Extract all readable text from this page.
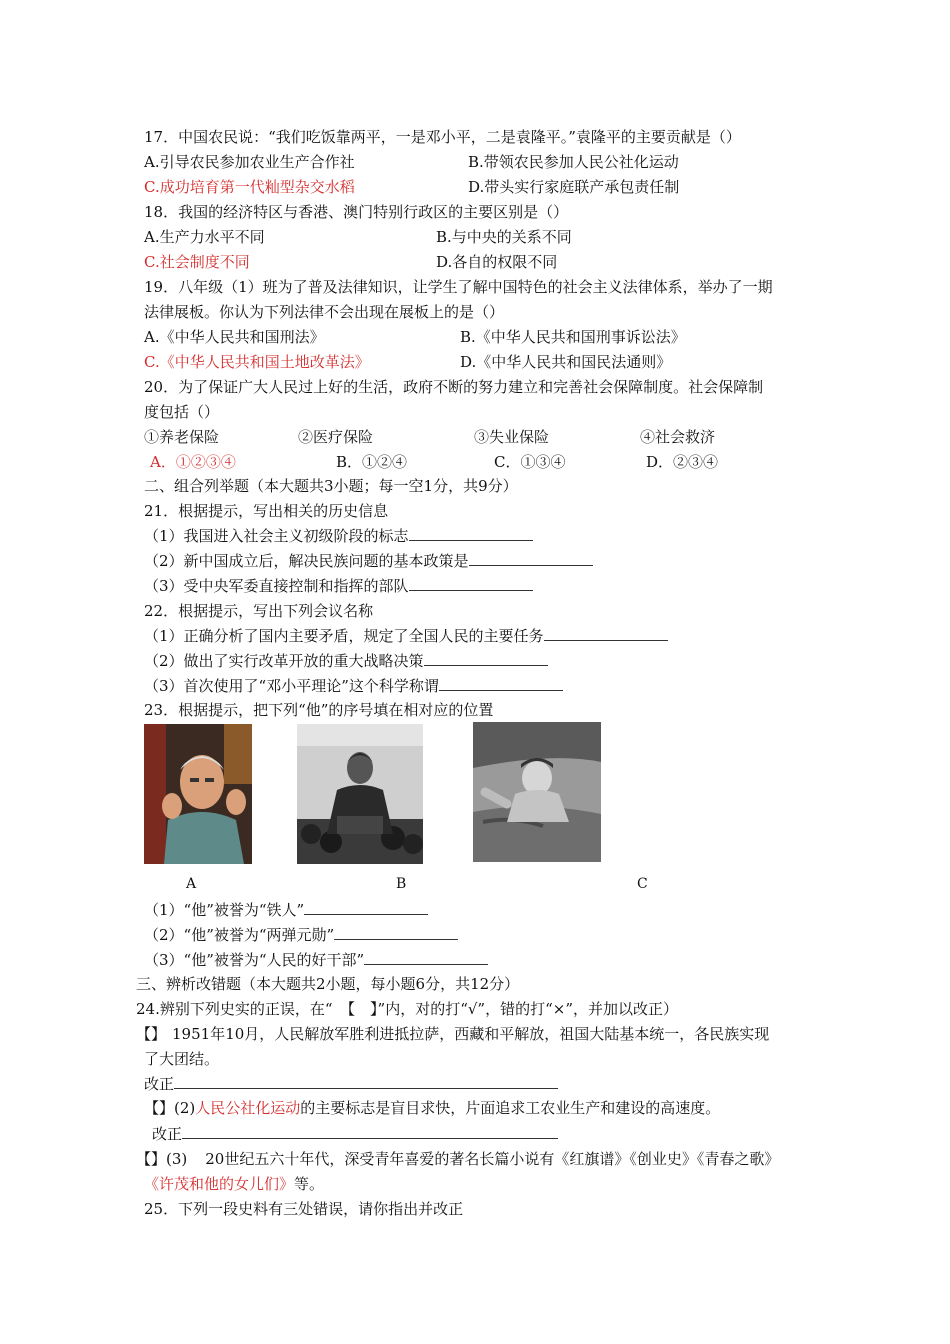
17．中国农民说：“我们吃饭靠两平，一是邓小平，二是袁隆平。”袁隆平的主要贡献是（）
A.引导农民参加农业生产合作社	B.带领农民参加人民公社化运动
C.成功培育第一代籼型杂交水稻	D.带头实行家庭联产承包责任制
18．我国的经济特区与香港、澳门特别行政区的主要区别是（）
A.生产力水平不同	B.与中央的关系不同
C.社会制度不同	D.各自的权限不同
19．八年级（1）班为了普及法律知识，让学生了解中国特色的社会主义法律体系，举办了一期
法律展板。你认为下列法律不会出现在展板上的是（）
A.《中华人民共和国刑法》	B.《中华人民共和国刑事诉讼法》
C.《中华人民共和国土地改革法》	D.《中华人民共和国民法通则》
20．为了保证广大人民过上好的生活，政府不断的努力建立和完善社会保障制度。社会保障制
度包括（）
①养老保险	②医疗保险	③失业保险	④社会救济
A．①②③④	B．①②④	C．①③④	D．②③④
二、组合列举题（本大题共3小题；每一空1分，共9分）
21．根据提示，写出相关的历史信息
（1）我国进入社会主义初级阶段的标志
（2）新中国成立后，解决民族问题的基本政策是
（3）受中央军委直接控制和指挥的部队
22．根据提示，写出下列会议名称
（1）正确分析了国内主要矛盾，规定了全国人民的主要任务
（2）做出了实行改革开放的重大战略决策
（3）首次使用了“邓小平理论”这个科学称谓
23．根据提示，把下列“他”的序号填在相对应的位置
A	B	C
（1）“他”被誉为“铁人”
（2）“他”被誉为“两弹元勋”
（3）“他”被誉为“人民的好干部”
三、辨析改错题（本大题共2小题，每小题6分，共12分）
24.辨别下列史实的正误，在“　【　】”内，对的打“√”，错的打“×”，并加以改正）
【】 1951年10月，人民解放军胜利进抵拉萨，西藏和平解放，祖国大陆基本统一，各民族实现
了大团结。
改正
【】(2)人民公社化运动的主要标志是盲目求快，片面追求工农业生产和建设的高速度。
改正
【】(3) 20世纪五六十年代，深受青年喜爱的著名长篇小说有《红旗谱》《创业史》《青春之歌》
《许茂和他的女儿们》等。
25．下列一段史料有三处错误，请你指出并改正
